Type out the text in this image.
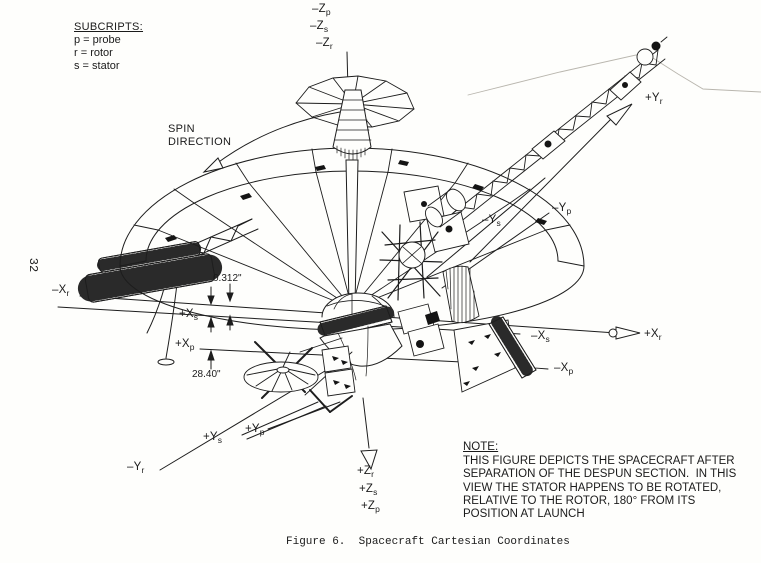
SUBCRIPTS:
p = probe
r = rotor
s = stator
SPIN
DIRECTION
32
$-Z_p$
$-Z_s$
$-Z_r$
$+Y_r$
$-Y_s$
$-Y_p$
$-X_r$
$+X_s$
$+X_p$
0.312"
28.40"
$-X_s$	$+X_r$
$-X_p$
$-Y_r$
$+Y_s$
$+Y_p$
$+Z_r$
$+Z_s$
$+Z_p$
NOTE:
THIS FIGURE DEPICTS THE SPACECRAFT AFTER
SEPARATION OF THE DESPUN SECTION.  IN THIS
VIEW THE STATOR HAPPENS TO BE ROTATED,
RELATIVE TO THE ROTOR, 180° FROM ITS
POSITION AT LAUNCH
Figure 6.  Spacecraft Cartesian Coordinates
